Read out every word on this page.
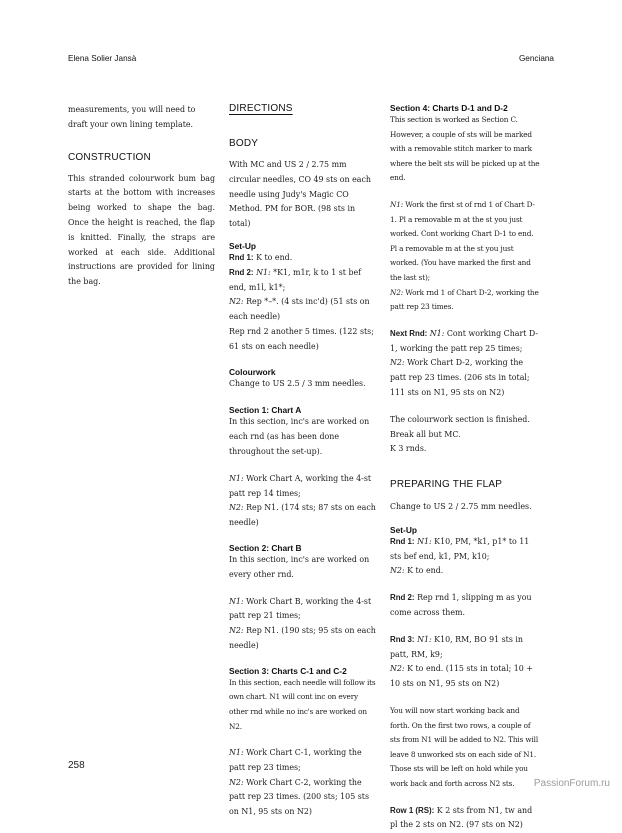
Elena Solier Jansà	Genciana

measurements, you will need to draft your own lining template.

CONSTRUCTION

This stranded colourwork bum bag starts at the bottom with increases being worked to shape the bag. Once the height is reached, the flap is knitted. Finally, the straps are worked at each side. Additional instructions are provided for lining the bag.

DIRECTIONS
BODY

With MC and US 2 / 2.75 mm circular needles, CO 49 sts on each needle using Judy's Magic CO Method. PM for BOR. (98 sts in total)

Set-Up

Rnd 1: K to end.

Rnd 2: N1: *K1, m1r, k to 1 st bef end, m1l, k1*;
N2: Rep *–*. (4 sts inc'd) (51 sts on each needle)

Rep rnd 2 another 5 times. (122 sts; 61 sts on each needle)

Colourwork

Change to US 2.5 / 3 mm needles.

Section 1: Chart A

In this section, inc's are worked on each rnd (as has been done throughout the set-up).

N1: Work Chart A, working the 4-st patt rep 14 times;
N2: Rep N1. (174 sts; 87 sts on each needle)

Section 2: Chart B

In this section, inc's are worked on every other rnd.

N1: Work Chart B, working the 4-st patt rep 21 times;
N2: Rep N1. (190 sts; 95 sts on each needle)

Section 3: Charts C-1 and C-2

In this section, each needle will follow its own chart. N1 will cont inc on every other rnd while no inc's are worked on N2.

N1: Work Chart C-1, working the patt rep 23 times;
N2: Work Chart C-2, working the patt rep 23 times. (200 sts; 105 sts on N1, 95 sts on N2)

Section 4: Charts D-1 and D-2

This section is worked as Section C. However, a couple of sts will be marked with a removable stitch marker to mark where the belt sts will be picked up at the end.

N1: Work the first st of rnd 1 of Chart D-1. Pl a removable m at the st you just worked. Cont working Chart D-1 to end. Pl a removable m at the st you just worked. (You have marked the first and the last st);
N2: Work rnd 1 of Chart D-2, working the patt rep 23 times.

Next Rnd: N1: Cont working Chart D-1, working the patt rep 25 times;
N2: Work Chart D-2, working the patt rep 23 times. (206 sts in total; 111 sts on N1, 95 sts on N2)

The colourwork section is finished. Break all but MC.
K 3 rnds.

PREPARING THE FLAP

Change to US 2 / 2.75 mm needles.

Set-Up

Rnd 1: N1: K10, PM, *k1, p1* to 11 sts bef end, k1, PM, k10;
N2: K to end.

Rnd 2: Rep rnd 1, slipping m as you come across them.

Rnd 3: N1: K10, RM, BO 91 sts in patt, RM, k9;
N2: K to end. (115 sts in total; 10 + 10 sts on N1, 95 sts on N2)

You will now start working back and forth. On the first two rows, a couple of sts from N1 will be added to N2. This will leave 8 unworked sts on each side of N1. Those sts will be left on hold while you work back and forth across N2 sts.

Row 1 (RS): K 2 sts from N1, tw and pl the 2 sts on N2. (97 sts on N2)

258
PassionForum.ru
